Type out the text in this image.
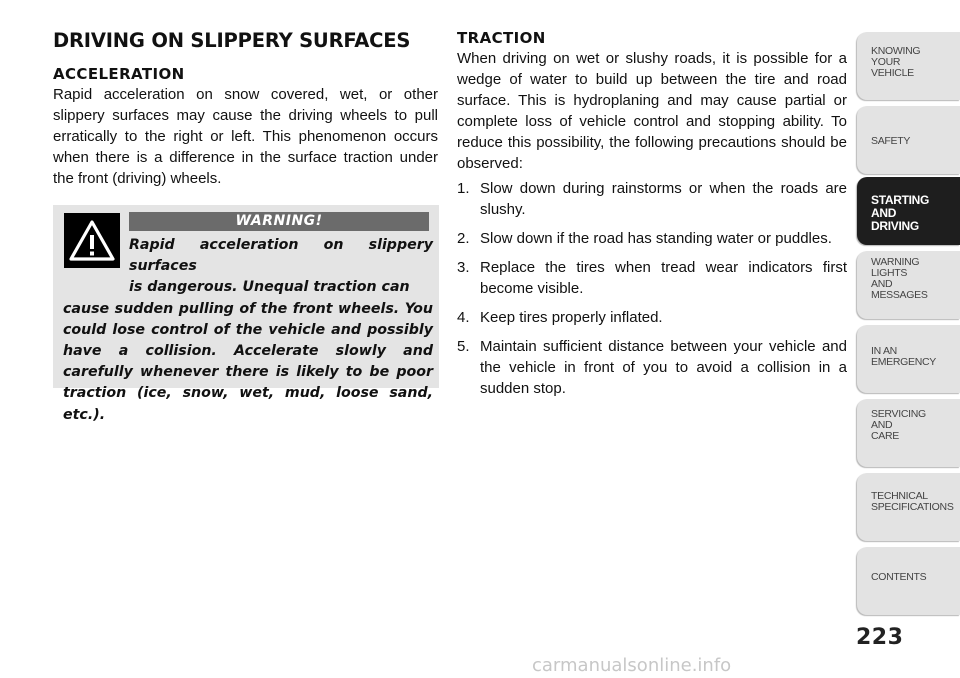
DRIVING ON SLIPPERY SURFACES
ACCELERATION

Rapid acceleration on snow covered, wet, or other slippery surfaces may cause the driving wheels to pull erratically to the right or left. This phenomenon occurs when there is a difference in the surface traction under the front (driving) wheels.

WARNING!
Rapid acceleration on slippery surfaces
is dangerous. Unequal traction can
cause sudden pulling of the front wheels. You could lose control of the vehicle and possibly have a collision. Accelerate slowly and carefully whenever there is likely to be poor traction (ice, snow, wet, mud, loose sand, etc.).
TRACTION

When driving on wet or slushy roads, it is possible for a wedge of water to build up between the tire and road surface. This is hydroplaning and may cause partial or complete loss of vehicle control and stopping ability. To reduce this possibility, the following precautions should be observed:

1. Slow down during rainstorms or when the roads are slushy.
2. Slow down if the road has standing water or puddles.
3. Replace the tires when tread wear indicators first become visible.
4. Keep tires properly inflated.
5. Maintain sufficient distance between your vehicle and the vehicle in front of you to avoid a collision in a sudden stop.
KNOWING
YOUR
VEHICLE
SAFETY
STARTING
AND
DRIVING
WARNING
LIGHTS
AND
MESSAGES
IN AN
EMERGENCY
SERVICING
AND
CARE
TECHNICAL
SPECIFICATIONS
CONTENTS
223
carmanualsonline.info
